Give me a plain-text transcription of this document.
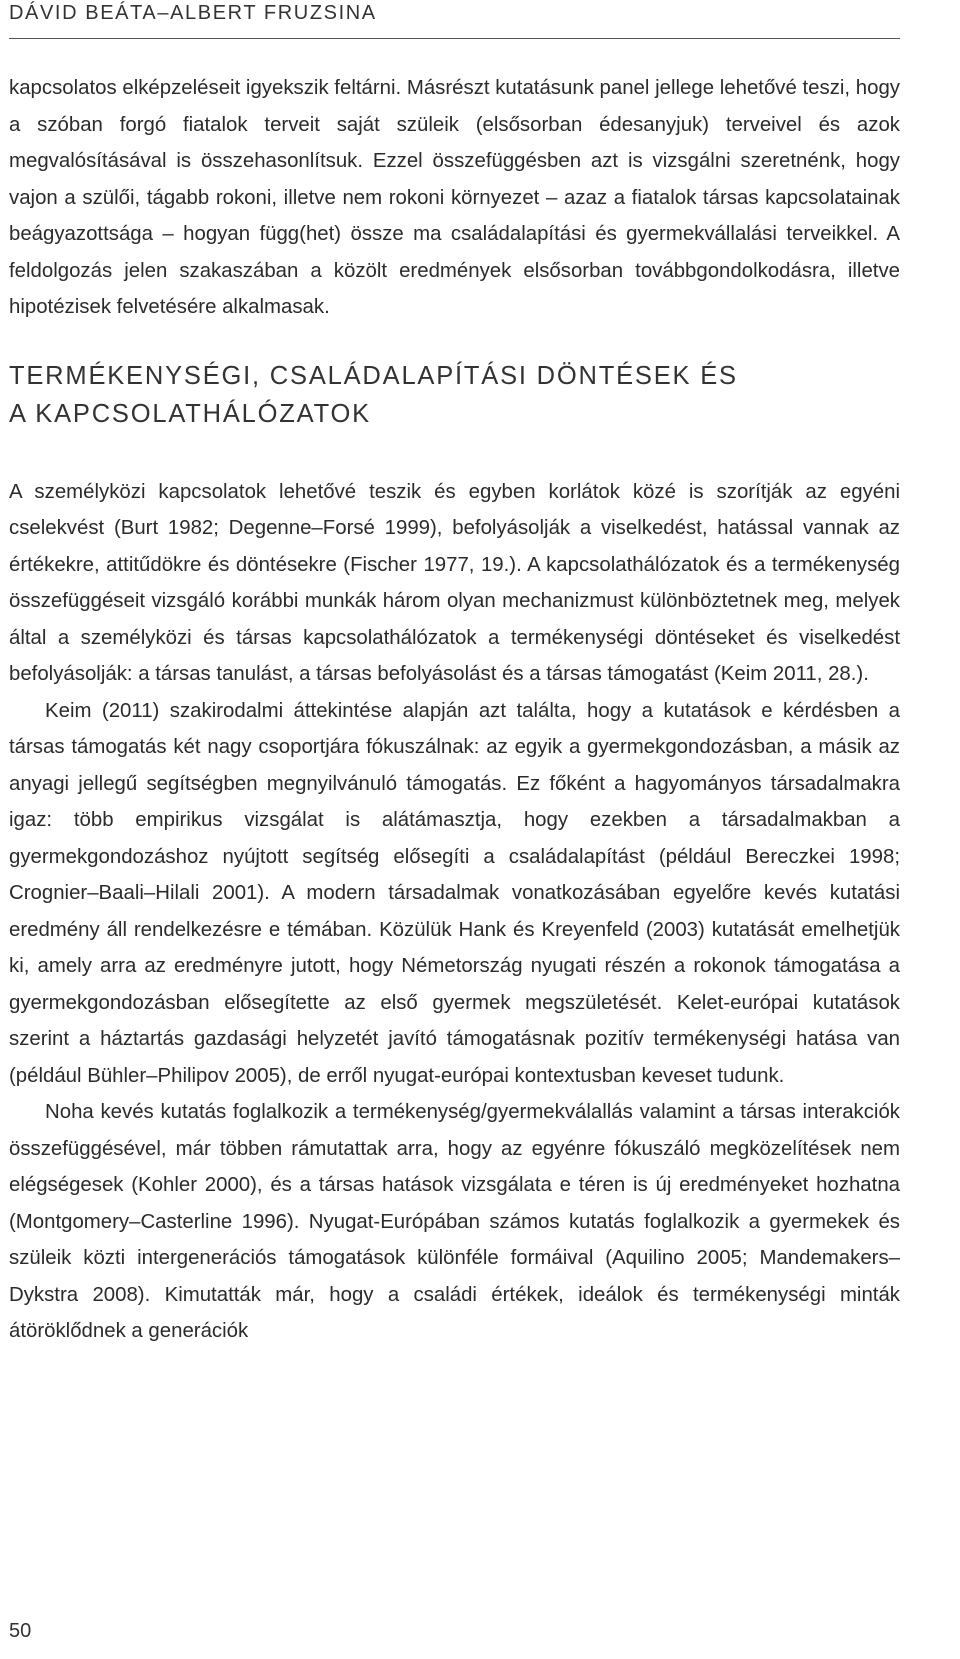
DÁVID BEÁTA–ALBERT FRUZSINA

kapcsolatos elképzeléseit igyekszik feltárni. Másrészt kutatásunk panel jellege lehetővé teszi, hogy a szóban forgó fiatalok terveit saját szüleik (elsősorban édesanyjuk) terveivel és azok megvalósításával is összehasonlítsuk. Ezzel összefüggésben azt is vizsgálni szeretnénk, hogy vajon a szülői, tágabb rokoni, illetve nem rokoni környezet – azaz a fiatalok társas kapcsolatainak beágyazottsága – hogyan függ(het) össze ma családalapítási és gyermekvállalási terveikkel. A feldolgozás jelen szakaszában a közölt eredmények elsősorban továbbgondolkodásra, illetve hipotézisek felvetésére alkalmasak.

TERMÉKENYSÉGI, CSALÁDALAPÍTÁSI DÖNTÉSEK ÉS
A KAPCSOLATHÁLÓZATOK

A személyközi kapcsolatok lehetővé teszik és egyben korlátok közé is szorítják az egyéni cselekvést (Burt 1982; Degenne–Forsé 1999), befolyásolják a viselkedést, hatással vannak az értékekre, attitűdökre és döntésekre (Fischer 1977, 19.). A kapcsolathálózatok és a termékenység összefüggéseit vizsgáló korábbi munkák három olyan mechanizmust különböztetnek meg, melyek által a személyközi és társas kapcsolathálózatok a termékenységi döntéseket és viselkedést befolyásolják: a társas tanulást, a társas befolyásolást és a társas támogatást (Keim 2011, 28.).

Keim (2011) szakirodalmi áttekintése alapján azt találta, hogy a kutatások e kérdésben a társas támogatás két nagy csoportjára fókuszálnak: az egyik a gyermekgondozásban, a másik az anyagi jellegű segítségben megnyilvánuló támogatás. Ez főként a hagyományos társadalmakra igaz: több empirikus vizsgálat is alátámasztja, hogy ezekben a társadalmakban a gyermekgondozáshoz nyújtott segítség elősegíti a családalapítást (például Bereczkei 1998; Crognier–Baali–Hilali 2001). A modern társadalmak vonatkozásában egyelőre kevés kutatási eredmény áll rendelkezésre e témában. Közülük Hank és Kreyenfeld (2003) kutatását emelhetjük ki, amely arra az eredményre jutott, hogy Németország nyugati részén a rokonok támogatása a gyermekgondozásban elősegítette az első gyermek megszületését. Kelet-európai kutatások szerint a háztartás gazdasági helyzetét javító támogatásnak pozitív termékenységi hatása van (például Bühler–Philipov 2005), de erről nyugat-európai kontextusban keveset tudunk.

Noha kevés kutatás foglalkozik a termékenység/gyermekválallás valamint a társas interakciók összefüggésével, már többen rámutattak arra, hogy az egyénre fókuszáló megközelítések nem elégségesek (Kohler 2000), és a társas hatások vizsgálata e téren is új eredményeket hozhatna (Montgomery–Casterline 1996). Nyugat-Európában számos kutatás foglalkozik a gyermekek és szüleik közti intergenerációs támogatások különféle formáival (Aquilino 2005; Mandemakers–Dykstra 2008). Kimutatták már, hogy a családi értékek, ideálok és termékenységi minták átöröklődnek a generációk

50
